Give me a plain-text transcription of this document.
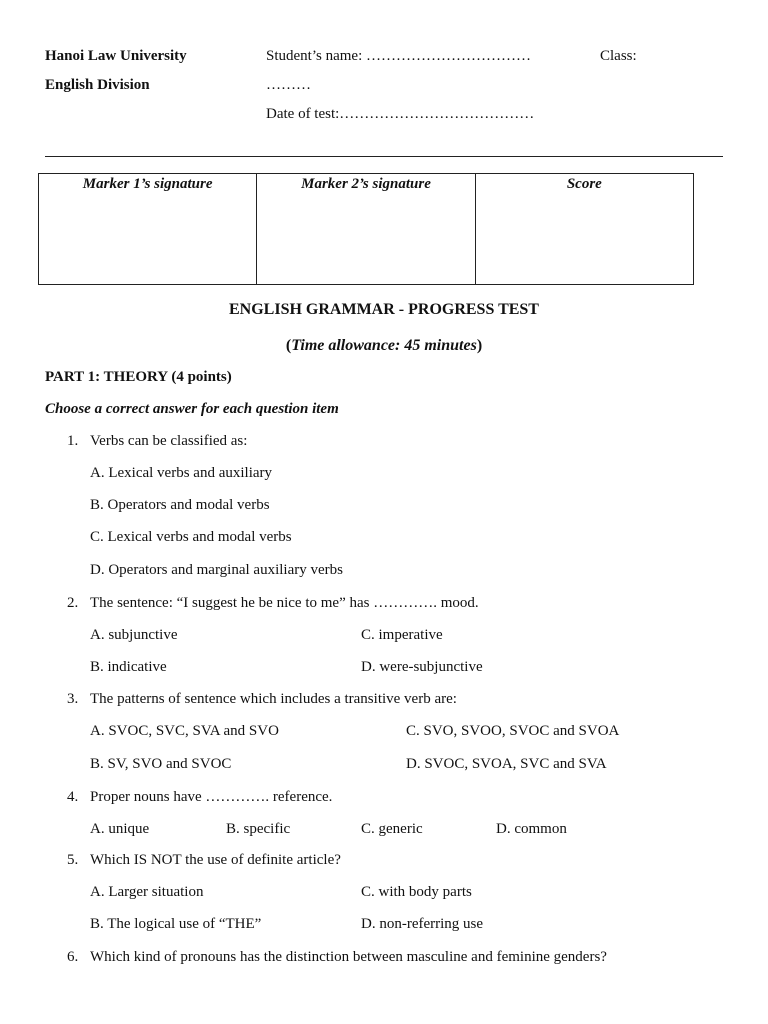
Hanoi Law University
English Division
Student’s name: ……………………………	Class:
………
Date of test:…………………………………
Marker 1’s signature	Marker 2’s signature	Score
ENGLISH GRAMMAR - PROGRESS TEST
(Time allowance: 45 minutes)
PART 1: THEORY (4 points)
Choose a correct answer for each question item
1. Verbs can be classified as:
A. Lexical verbs and auxiliary
B. Operators and modal verbs
C. Lexical verbs and modal verbs
D. Operators and marginal auxiliary verbs
2. The sentence: “I suggest he be nice to me” has …………. mood.
A. subjunctive	C. imperative
B. indicative	D. were-subjunctive
3. The patterns of sentence which includes a transitive verb are:
A. SVOC, SVC, SVA and SVO	C. SVO, SVOO, SVOC and SVOA
B. SV, SVO and SVOC	D. SVOC, SVOA, SVC and SVA
4. Proper nouns have …………. reference.
A. unique	B. specific	C. generic	D. common
5. Which IS NOT the use of definite article?
A. Larger situation	C. with body parts
B. The logical use of “THE”	D. non-referring use
6. Which kind of pronouns has the distinction between masculine and feminine genders?
